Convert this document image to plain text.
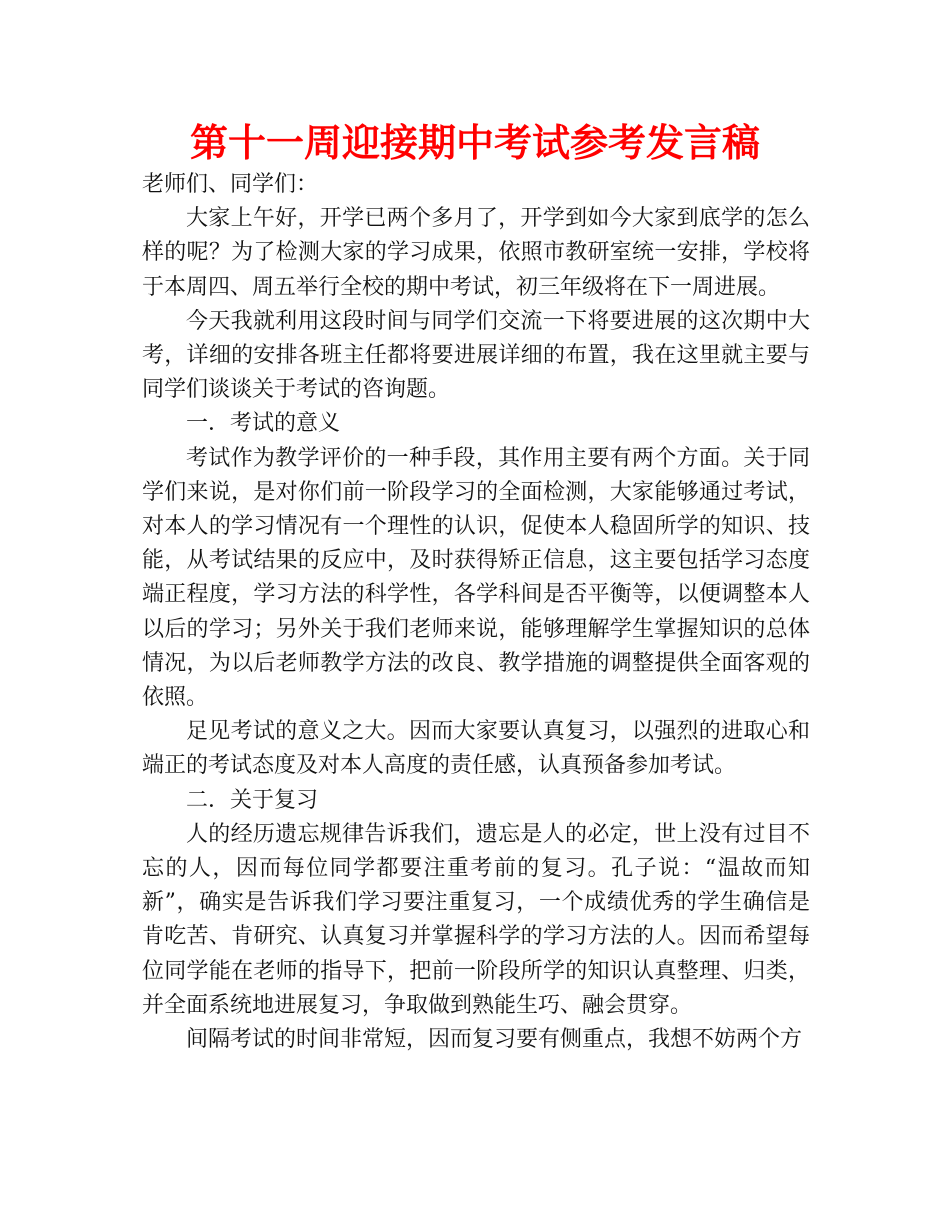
第十一周迎接期中考试参考发言稿

老师们、同学们：

大家上午好，开学已两个多月了，开学到如今大家到底学的怎么样的呢？为了检测大家的学习成果，依照市教研室统一安排，学校将于本周四、周五举行全校的期中考试，初三年级将在下一周进展。

今天我就利用这段时间与同学们交流一下将要进展的这次期中大考，详细的安排各班主任都将要进展详细的布置，我在这里就主要与同学们谈谈关于考试的咨询题。

一．考试的意义

考试作为教学评价的一种手段，其作用主要有两个方面。关于同学们来说，是对你们前一阶段学习的全面检测，大家能够通过考试，对本人的学习情况有一个理性的认识，促使本人稳固所学的知识、技能，从考试结果的反应中，及时获得矫正信息，这主要包括学习态度端正程度，学习方法的科学性，各学科间是否平衡等，以便调整本人以后的学习；另外关于我们老师来说，能够理解学生掌握知识的总体情况，为以后老师教学方法的改良、教学措施的调整提供全面客观的依照。

足见考试的意义之大。因而大家要认真复习，以强烈的进取心和端正的考试态度及对本人高度的责任感，认真预备参加考试。

二．关于复习

人的经历遗忘规律告诉我们，遗忘是人的必定，世上没有过目不忘的人，因而每位同学都要注重考前的复习。孔子说：“温故而知新”，确实是告诉我们学习要注重复习，一个成绩优秀的学生确信是肯吃苦、肯研究、认真复习并掌握科学的学习方法的人。因而希望每位同学能在老师的指导下，把前一阶段所学的知识认真整理、归类，并全面系统地进展复习，争取做到熟能生巧、融会贯穿。

间隔考试的时间非常短，因而复习要有侧重点，我想不妨两个方
